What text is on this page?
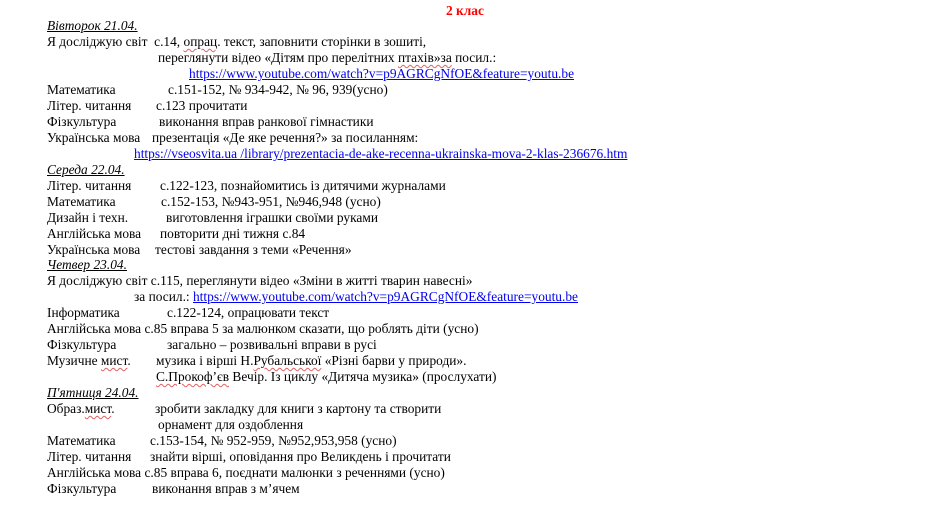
2 клас
Вівторок 21.04.
Я досліджую світ с.14, опрац. текст, заповнити сторінки в зошиті,
переглянути відео «Дітям про перелітних птахів»за посил.:
https://www.youtube.com/watch?v=p9AGRCgNfOE&feature=youtu.be
Математика	с.151-152, № 934-942, № 96, 939(усно)
Літер. читання с.123 прочитати
Фізкультура	виконання вправ ранкової гімнастики
Українська мова презентація «Де яке речення?» за посиланням:
https://vseosvita.ua /library/prezentacia-de-ake-recenna-ukrainska-mova-2-klas-236676.htm
Середа 22.04.
Літер. читання с.122-123, познайомитись із дитячими журналами
Математика	с.152-153, №943-951, №946,948 (усно)
Дизайн і техн.	виготовлення іграшки своїми руками
Англійська мова повторити дні тижня с.84
Українська мова тестові завдання з теми «Речення»
Четвер 23.04.
Я досліджую світ с.115, переглянути відео «Зміни в житті тварин навесні»
за посил.: https://www.youtube.com/watch?v=p9AGRCgNfOE&feature=youtu.be
Інформатика	с.122-124, опрацювати текст
Англійська мова с.85 вправа 5 за малюнком сказати, що роблять діти (усно)
Фізкультура	загально – розвивальні вправи в русі
Музичне мист. музика і вірші Н.Рубальської «Різні барви у природи».
С.Прокоф’єв Вечір. Із циклу «Дитяча музика» (прослухати)
П'ятниця 24.04.
Образ.мист.	зробити закладку для книги з картону та створити
орнамент для оздоблення
Математика	с.153-154, № 952-959, №952,953,958 (усно)
Літер. читання знайти вірші, оповідання про Великдень і прочитати
Англійська мова с.85 вправа 6, поєднати малюнки з реченнями (усно)
Фізкультура	виконання вправ з м’ячем
